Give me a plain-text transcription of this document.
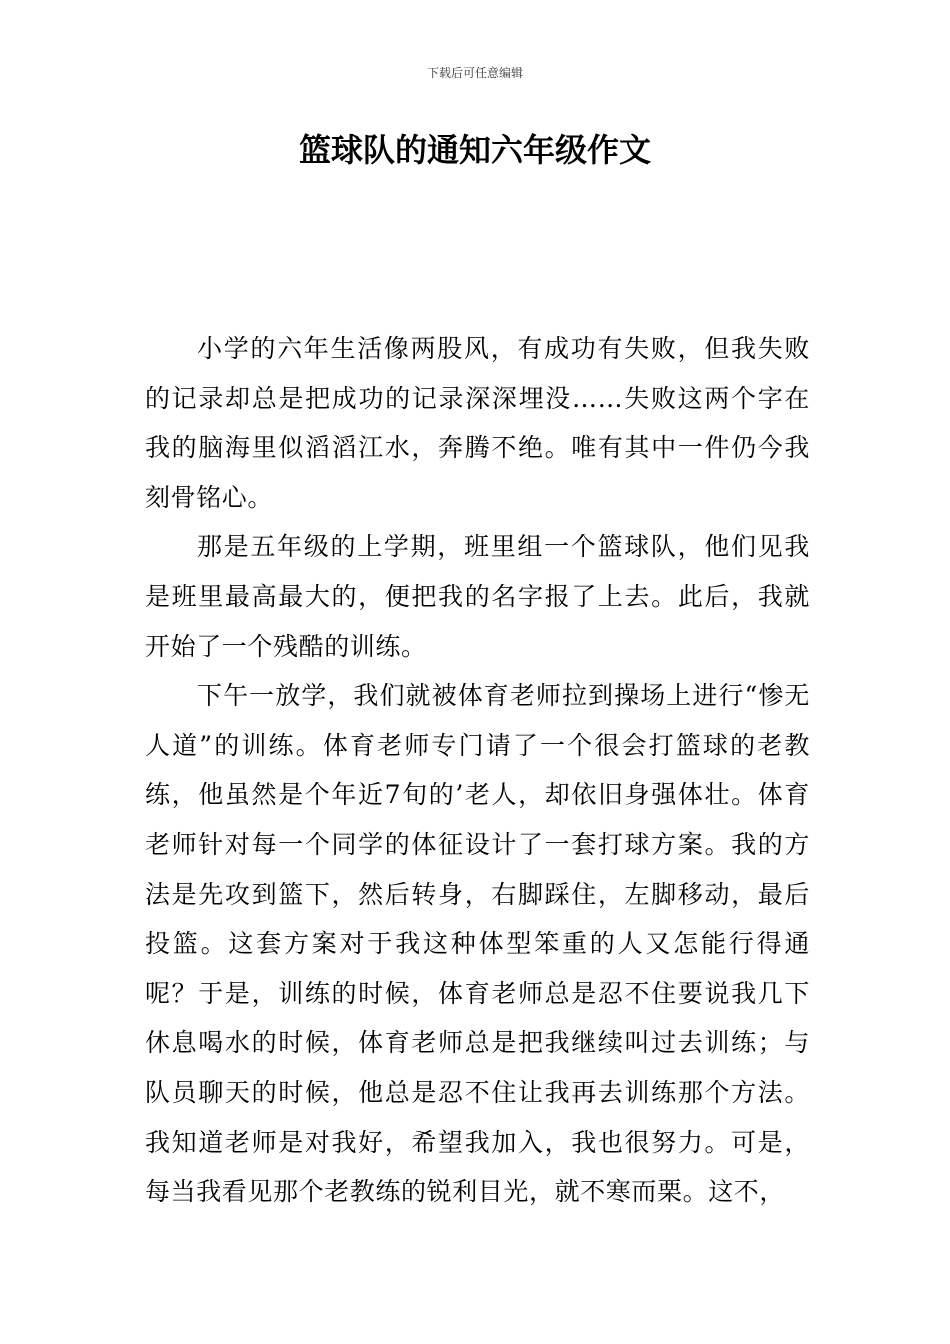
下载后可任意编辑
篮球队的通知六年级作文

小学的六年生活像两股风，有成功有失败，但我失败的记录却总是把成功的记录深深埋没……失败这两个字在我的脑海里似滔滔江水，奔腾不绝。唯有其中一件仍今我刻骨铭心。

那是五年级的上学期，班里组一个篮球队，他们见我是班里最高最大的，便把我的名字报了上去。此后，我就开始了一个残酷的训练。

下午一放学，我们就被体育老师拉到操场上进行“惨无人道”的训练。体育老师专门请了一个很会打篮球的老教练，他虽然是个年近7旬的’老人，却依旧身强体壮。体育老师针对每一个同学的体征设计了一套打球方案。我的方法是先攻到篮下，然后转身，右脚踩住，左脚移动，最后投篮。这套方案对于我这种体型笨重的人又怎能行得通呢？于是，训练的时候，体育老师总是忍不住要说我几下休息喝水的时候，体育老师总是把我继续叫过去训练；与队员聊天的时候，他总是忍不住让我再去训练那个方法。我知道老师是对我好，希望我加入，我也很努力。可是，每当我看见那个老教练的锐利目光，就不寒而栗。这不，
